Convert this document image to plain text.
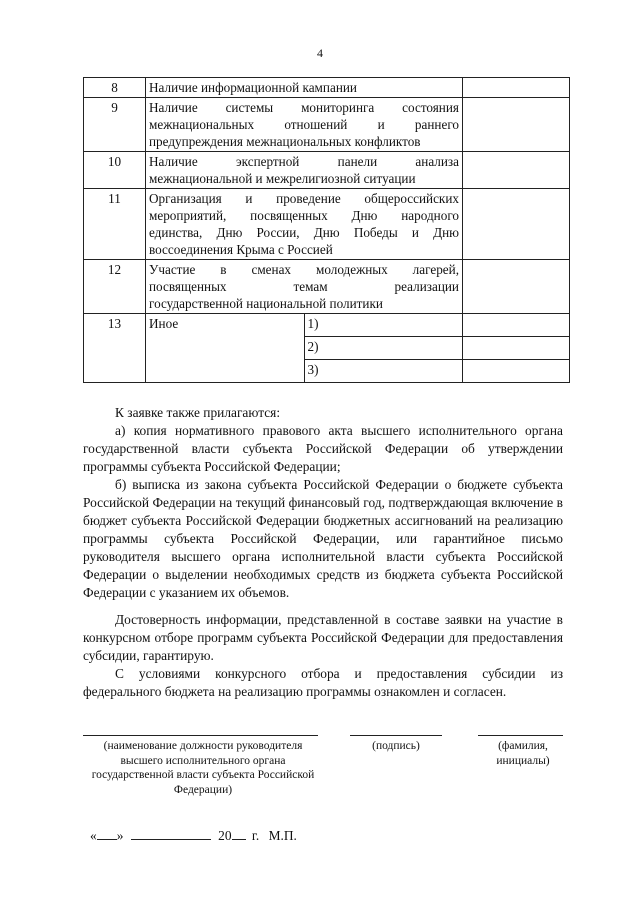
4
8	Наличие информационной кампании		

9	Наличие системы мониторинга состояния
межнациональных отношений и раннего
предупреждения межнациональных конфликтов		

10	Наличие экспертной панели анализа
межнациональной и межрелигиозной ситуации		

11	Организация и проведение общероссийских
мероприятий, посвященных Дню народного
единства, Дню России, Дню Победы и Дню
воссоединения Крыма с Россией		

12	Участие в сменах молодежных лагерей,
посвященных темам реализации
государственной национальной политики		

13	Иное	1)	
		2)	
		3)	
К заявке также прилагаются:
а) копия нормативного правового акта высшего исполнительного органа государственной власти субъекта Российской Федерации об утверждении программы субъекта Российской Федерации;
б) выписка из закона субъекта Российской Федерации о бюджете субъекта Российской Федерации на текущий финансовый год, подтверждающая включение в бюджет субъекта Российской Федерации бюджетных ассигнований на реализацию программы субъекта Российской Федерации, или гарантийное письмо руководителя высшего органа исполнительной власти субъекта Российской Федерации о выделении необходимых средств из бюджета субъекта Российской Федерации с указанием их объемов.
Достоверность информации, представленной в составе заявки на участие в конкурсном отборе программ субъекта Российской Федерации для предоставления субсидии, гарантирую.
С условиями конкурсного отбора и предоставления субсидии из федерального бюджета на реализацию программы ознакомлен и согласен.
(наименование должности руководителя высшего исполнительного органа государственной власти субъекта Российской Федерации)
(подпись)	(фамилия, инициалы)
« »	20 г. М.П.
